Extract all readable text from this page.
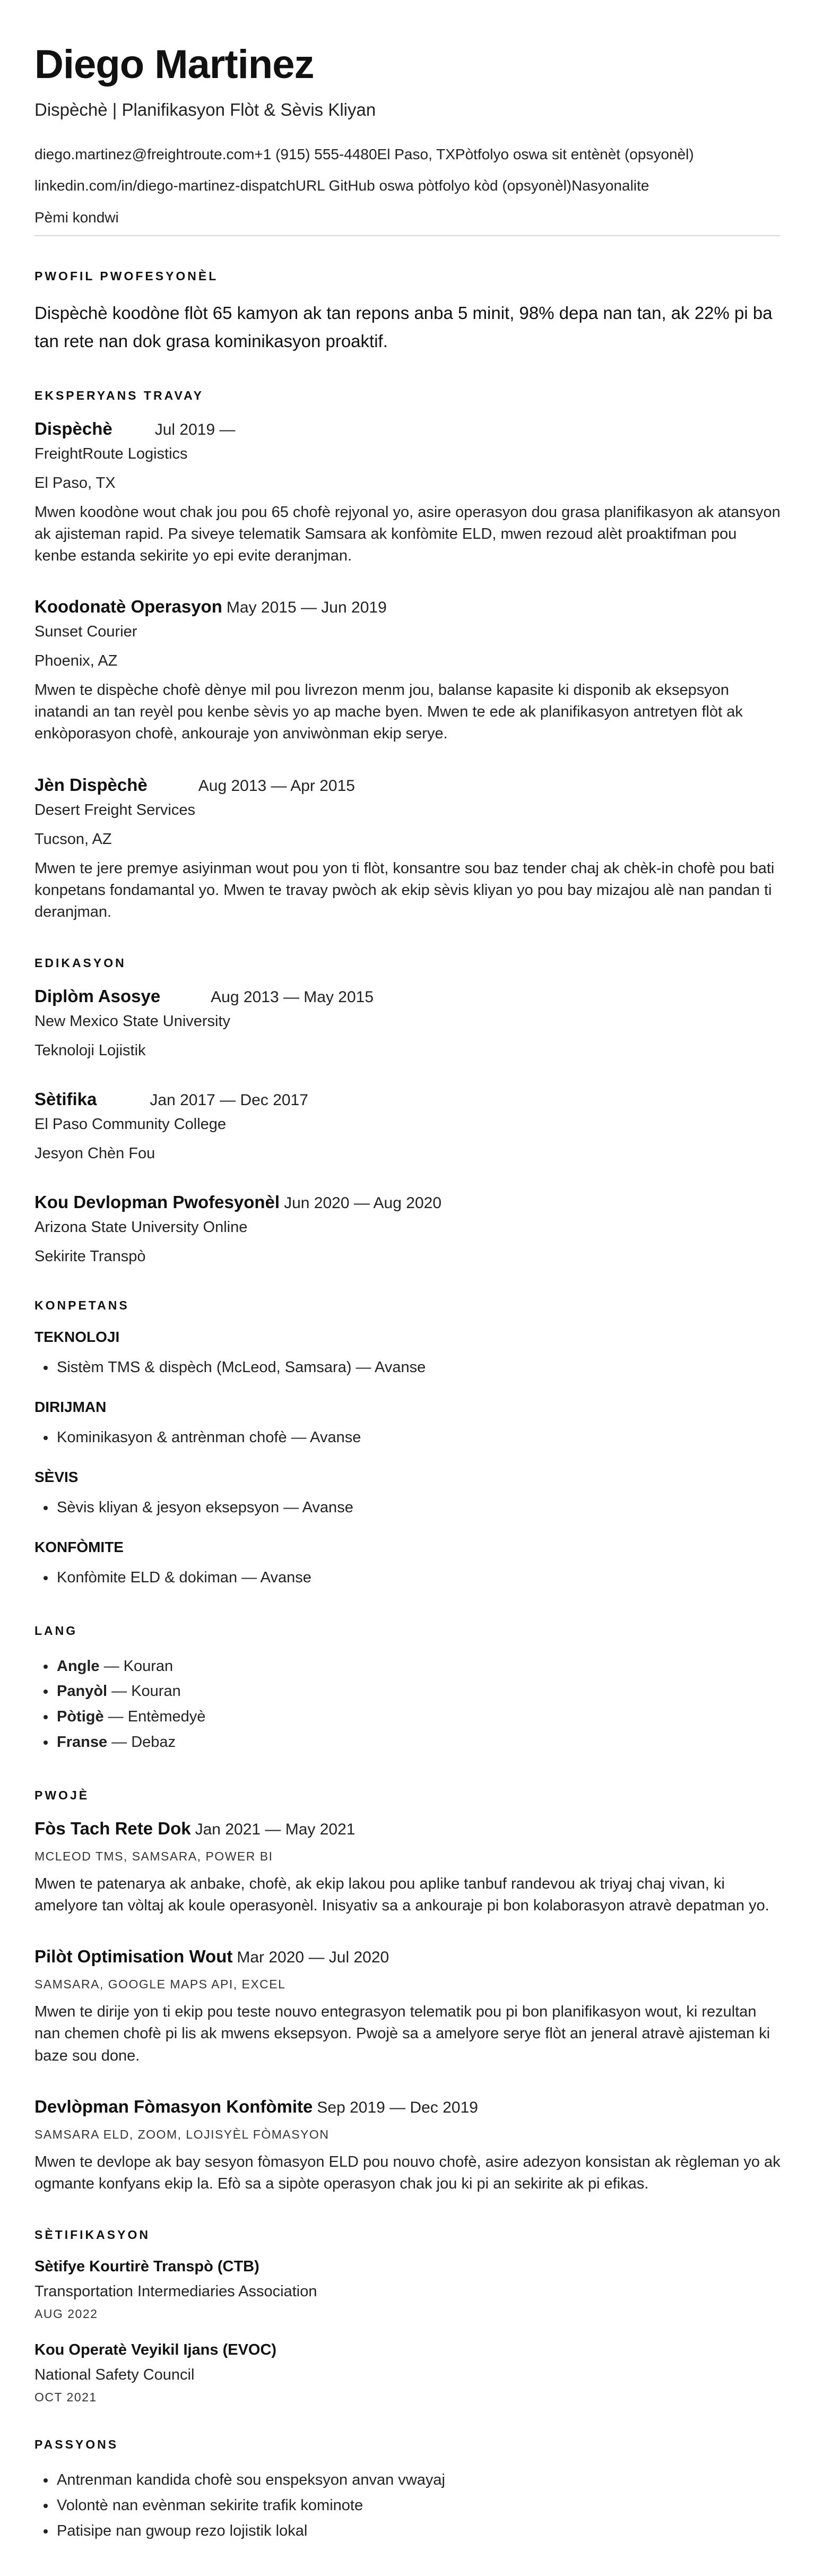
Diego Martinez
Dispèchè | Planifikasyon Flòt & Sèvis Kliyan
diego.martinez@freightroute.com+1 (915) 555-4480El Paso, TXPòtfolyo oswa sit entènèt (opsyonèl)
linkedin.com/in/diego-martinez-dispatchURL GitHub oswa pòtfolyo kòd (opsyonèl)Nasyonalite
Pèmi kondwi
PWOFIL PWOFESYONÈL
Dispèchè koodòne flòt 65 kamyon ak tan repons anba 5 minit, 98% depa nan tan, ak 22% pi ba tan rete nan dok grasa kominikasyon proaktif.
EKSPERYANS TRAVAY
Dispèchè	Jul 2019 —
FreightRoute Logistics
El Paso, TX
Mwen koodòne wout chak jou pou 65 chofè rejyonal yo, asire operasyon dou grasa planifikasyon ak atansyon ak ajisteman rapid. Pa siveye telematik Samsara ak konfòmite ELD, mwen rezoud alèt proaktifman pou kenbe estanda sekirite yo epi evite deranjman.
Koodonatè Operasyon May 2015 — Jun 2019
Sunset Courier
Phoenix, AZ
Mwen te dispèche chofè dènye mil pou livrezon menm jou, balanse kapasite ki disponib ak eksepsyon inatandi an tan reyèl pou kenbe sèvis yo ap mache byen. Mwen te ede ak planifikasyon antretyen flòt ak enkòporasyon chofè, ankouraje yon anviwònman ekip serye.
Jèn Dispèchè	Aug 2013 — Apr 2015
Desert Freight Services
Tucson, AZ
Mwen te jere premye asiyinman wout pou yon ti flòt, konsantre sou baz tender chaj ak chèk-in chofè pou bati konpetans fondamantal yo. Mwen te travay pwòch ak ekip sèvis kliyan yo pou bay mizajou alè nan pandan ti deranjman.
EDIKASYON
Diplòm Asosye	Aug 2013 — May 2015
New Mexico State University
Teknoloji Lojistik
Sètifika	Jan 2017 — Dec 2017
El Paso Community College
Jesyon Chèn Fou
Kou Devlopman Pwofesyonèl Jun 2020 — Aug 2020
Arizona State University Online
Sekirite Transpò
KONPETANS
TEKNOLOJI
• Sistèm TMS & dispèch (McLeod, Samsara) — Avanse
DIRIJMAN
• Kominikasyon & antrènman chofè — Avanse
SÈVIS
• Sèvis kliyan & jesyon eksepsyon — Avanse
KONFÒMITE
• Konfòmite ELD & dokiman — Avanse
LANG
• Angle — Kouran
• Panyòl — Kouran
• Pòtigè — Entèmedyè
• Franse — Debaz
PWOJÈ
Fòs Tach Rete Dok Jan 2021 — May 2021
MCLEOD TMS, SAMSARA, POWER BI
Mwen te patenarya ak anbake, chofè, ak ekip lakou pou aplike tanbuf randevou ak triyaj chaj vivan, ki amelyore tan vòltaj ak koule operasyonèl. Inisyativ sa a ankouraje pi bon kolaborasyon atravè depatman yo.
Pilòt Optimisation Wout Mar 2020 — Jul 2020
SAMSARA, GOOGLE MAPS API, EXCEL
Mwen te dirije yon ti ekip pou teste nouvo entegrasyon telematik pou pi bon planifikasyon wout, ki rezultan nan chemen chofè pi lis ak mwens eksepsyon. Pwojè sa a amelyore serye flòt an jeneral atravè ajisteman ki baze sou done.
Devlòpman Fòmasyon Konfòmite Sep 2019 — Dec 2019
SAMSARA ELD, ZOOM, LOJISYÈL FÒMASYON
Mwen te devlope ak bay sesyon fòmasyon ELD pou nouvo chofè, asire adezyon konsistan ak règleman yo ak ogmante konfyans ekip la. Efò sa a sipòte operasyon chak jou ki pi an sekirite ak pi efikas.
SÈTIFIKASYON
Sètifye Kourtirè Transpò (CTB)
Transportation Intermediaries Association
AUG 2022
Kou Operatè Veyikil Ijans (EVOC)
National Safety Council
OCT 2021
PASSYONS
• Antrenman kandida chofè sou enspeksyon anvan vwayaj
• Volontè nan evènman sekirite trafik kominote
• Patisipe nan gwoup rezo lojistik lokal
